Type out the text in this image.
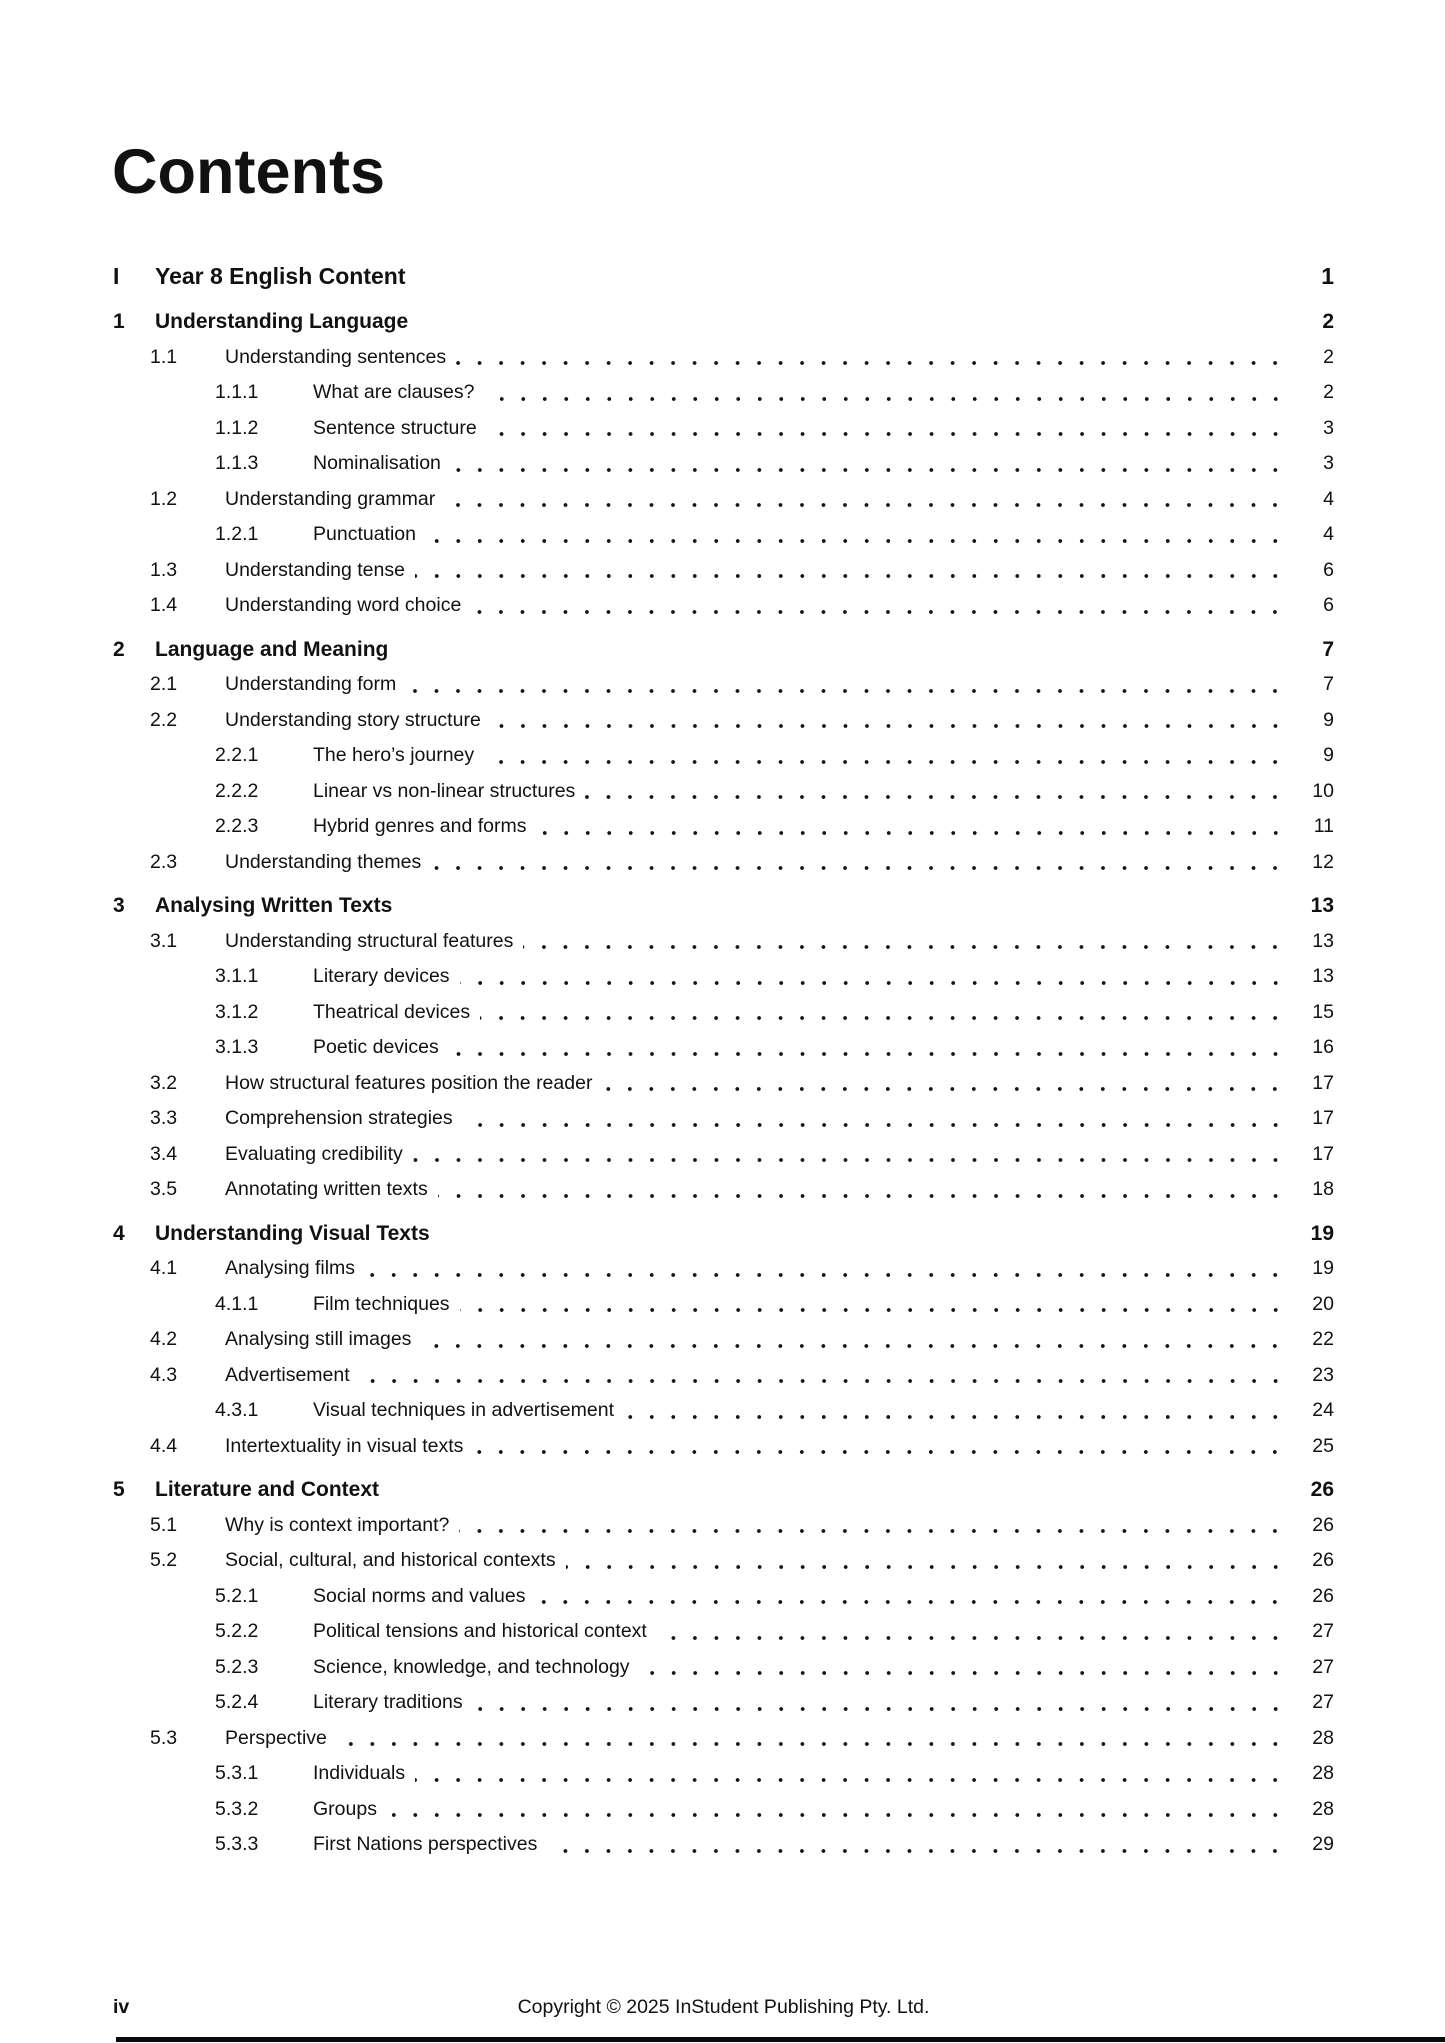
Contents
I	Year 8 English Content	1
1	Understanding Language	2
1.1	Understanding sentences	2
1.1.1	What are clauses?	2
1.1.2	Sentence structure	3
1.1.3	Nominalisation	3
1.2	Understanding grammar	4
1.2.1	Punctuation	4
1.3	Understanding tense	6
1.4	Understanding word choice	6
2	Language and Meaning	7
2.1	Understanding form	7
2.2	Understanding story structure	9
2.2.1	The hero’s journey	9
2.2.2	Linear vs non-linear structures	10
2.2.3	Hybrid genres and forms	11
2.3	Understanding themes	12
3	Analysing Written Texts	13
3.1	Understanding structural features	13
3.1.1	Literary devices	13
3.1.2	Theatrical devices	15
3.1.3	Poetic devices	16
3.2	How structural features position the reader	17
3.3	Comprehension strategies	17
3.4	Evaluating credibility	17
3.5	Annotating written texts	18
4	Understanding Visual Texts	19
4.1	Analysing films	19
4.1.1	Film techniques	20
4.2	Analysing still images	22
4.3	Advertisement	23
4.3.1	Visual techniques in advertisement	24
4.4	Intertextuality in visual texts	25
5	Literature and Context	26
5.1	Why is context important?	26
5.2	Social, cultural, and historical contexts	26
5.2.1	Social norms and values	26
5.2.2	Political tensions and historical context	27
5.2.3	Science, knowledge, and technology	27
5.2.4	Literary traditions	27
5.3	Perspective	28
5.3.1	Individuals	28
5.3.2	Groups	28
5.3.3	First Nations perspectives	29
iv	Copyright © 2025 InStudent Publishing Pty. Ltd.
